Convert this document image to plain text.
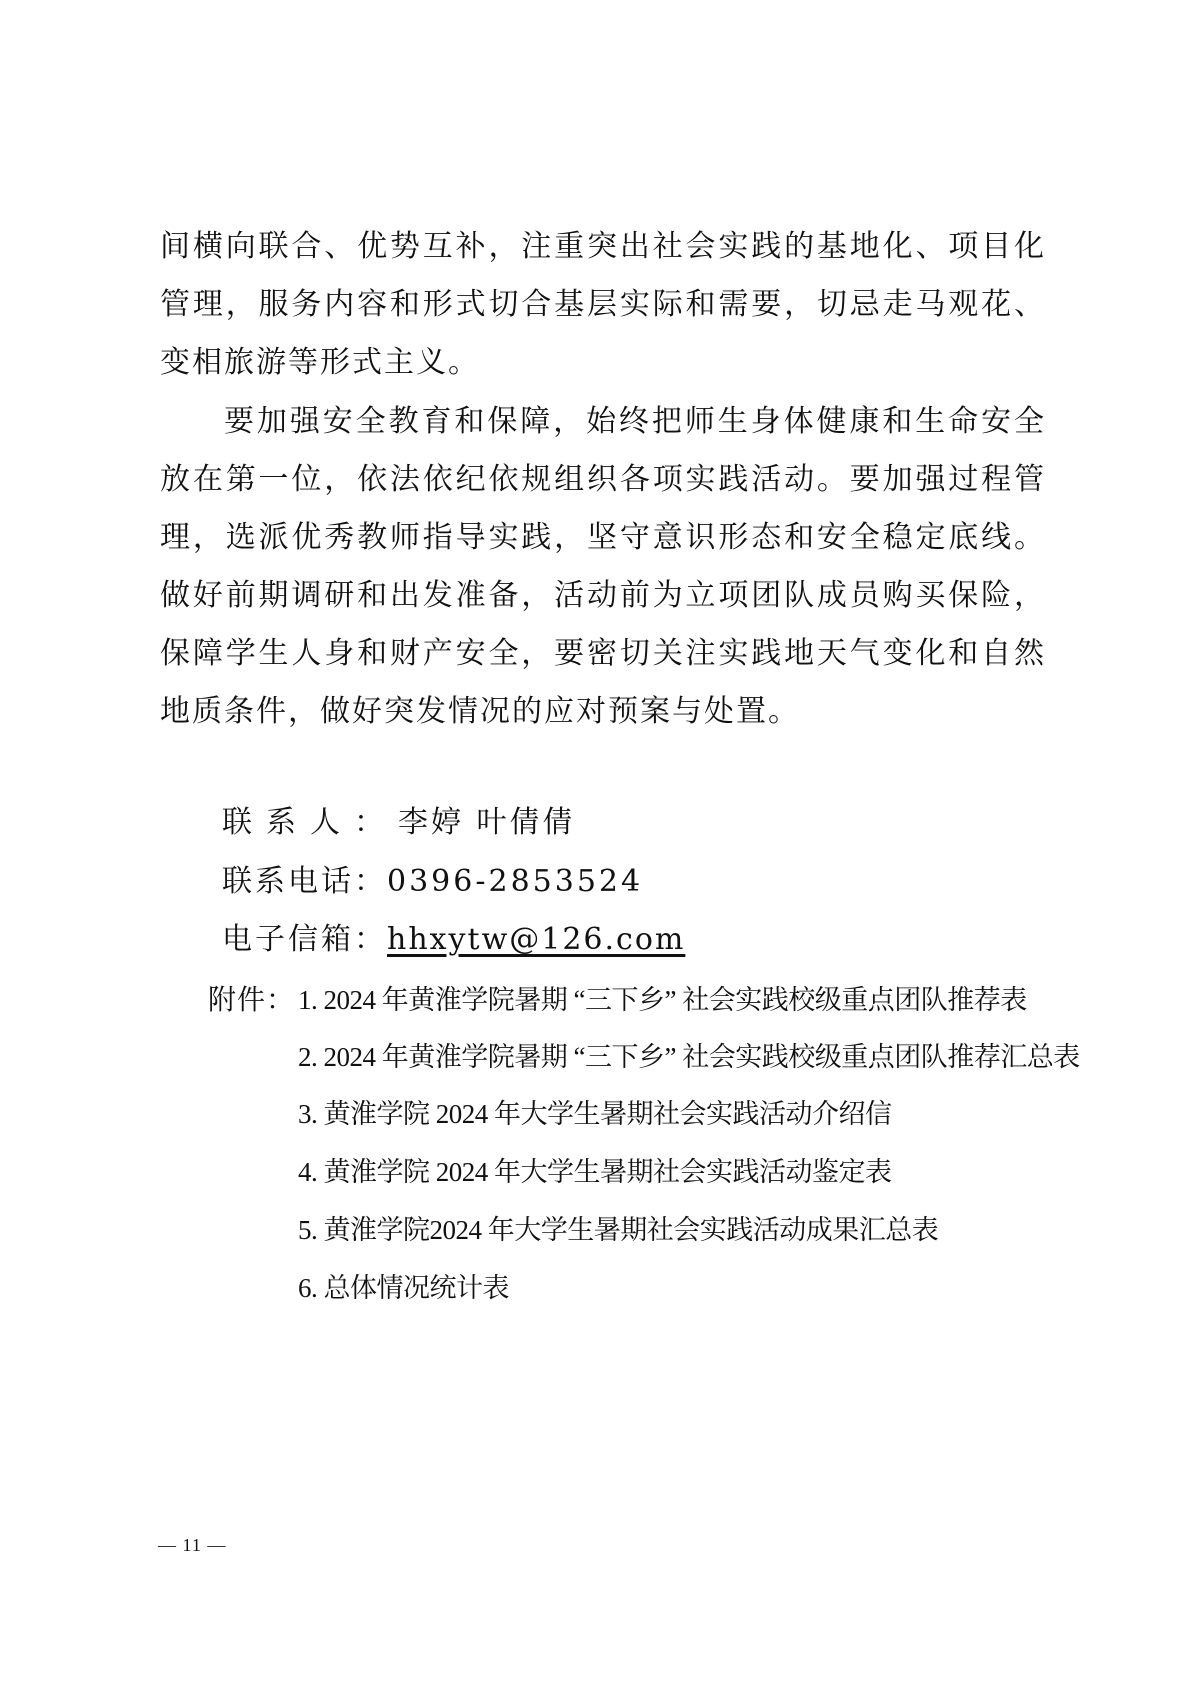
间横向联合、优势互补，注重突出社会实践的基地化、项目化管理，服务内容和形式切合基层实际和需要，切忌走马观花、变相旅游等形式主义。

要加强安全教育和保障，始终把师生身体健康和生命安全放在第一位，依法依纪依规组织各项实践活动。要加强过程管理，选派优秀教师指导实践，坚守意识形态和安全稳定底线。做好前期调研和出发准备，活动前为立项团队成员购买保险，保障学生人身和财产安全，要密切关注实践地天气变化和自然地质条件，做好突发情况的应对预案与处置。

联系人：李婷 叶倩倩
联系电话：0396-2853524
电子信箱：hhxytw@126.com
附件： 1. 2024 年黄淮学院暑期 “三下乡” 社会实践校级重点团队推荐表
2. 2024 年黄淮学院暑期 “三下乡” 社会实践校级重点团队推荐汇总表
3. 黄淮学院 2024 年大学生暑期社会实践活动介绍信
4. 黄淮学院 2024 年大学生暑期社会实践活动鉴定表
5. 黄淮学院2024 年大学生暑期社会实践活动成果汇总表
6. 总体情况统计表
— 11 —
